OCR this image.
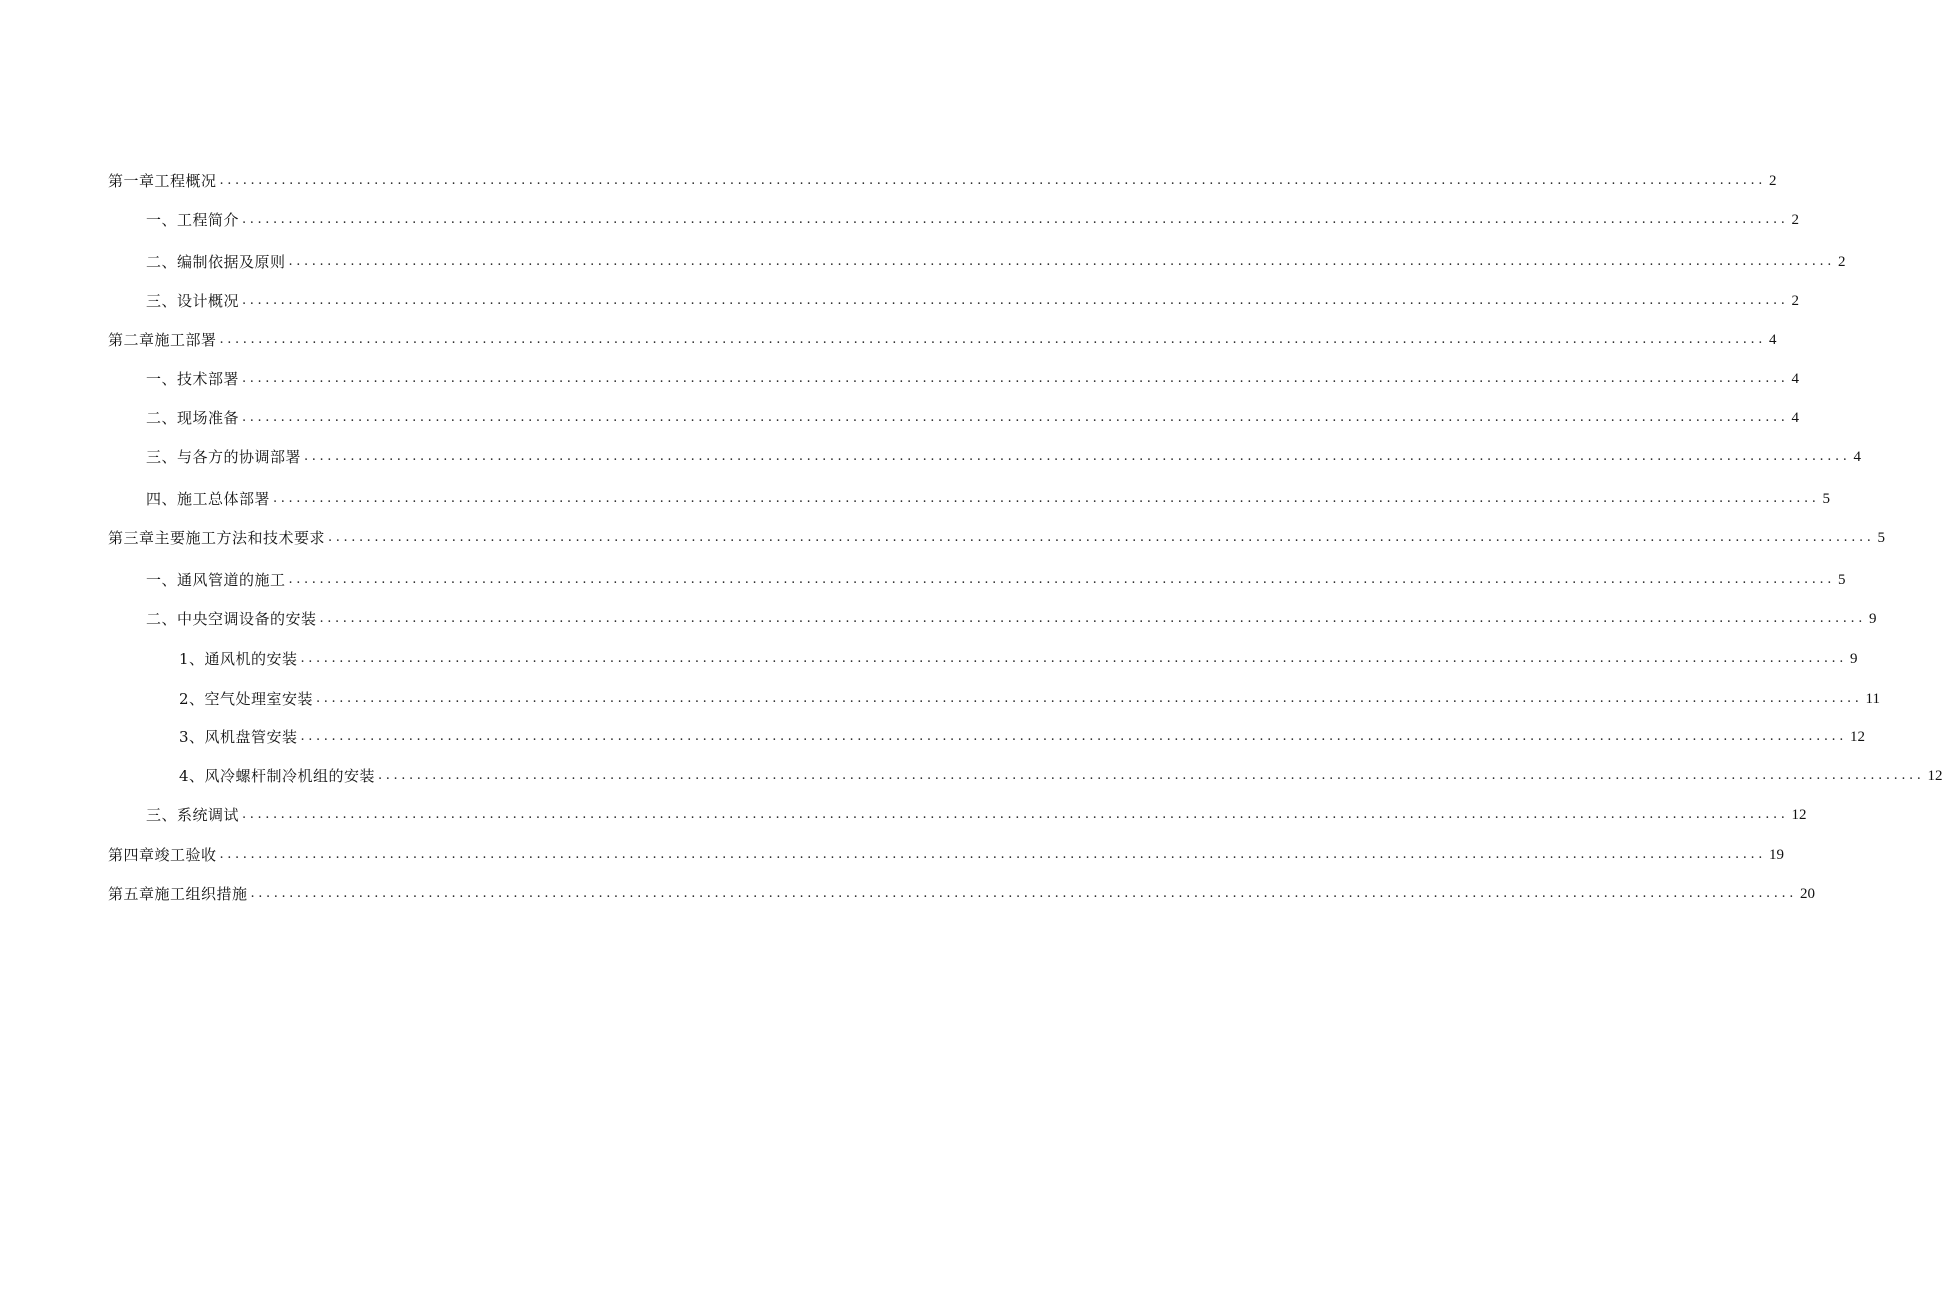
第一章工程概况 ........................................................................................................................................................................................................ 2
一、工程简介 ........................................................................................................................................................................................................ 2
二、编制依据及原则 ........................................................................................................................................................................................................ 2
三、设计概况 ........................................................................................................................................................................................................ 2
第二章施工部署 ........................................................................................................................................................................................................ 4
一、技术部署 ........................................................................................................................................................................................................ 4
二、现场准备 ........................................................................................................................................................................................................ 4
三、与各方的协调部署 ........................................................................................................................................................................................................ 4
四、施工总体部署 ........................................................................................................................................................................................................ 5
第三章主要施工方法和技术要求 ........................................................................................................................................................................................................ 5
一、通风管道的施工 ........................................................................................................................................................................................................ 5
二、中央空调设备的安装 ........................................................................................................................................................................................................ 9
1、通风机的安装 ........................................................................................................................................................................................................ 9
2、空气处理室安装 ........................................................................................................................................................................................................ 11
3、风机盘管安装 ........................................................................................................................................................................................................ 12
4、风冷螺杆制冷机组的安装 ........................................................................................................................................................................................................ 12
三、系统调试 ........................................................................................................................................................................................................ 12
第四章竣工验收 ........................................................................................................................................................................................................ 19
第五章施工组织措施 ........................................................................................................................................................................................................ 20
